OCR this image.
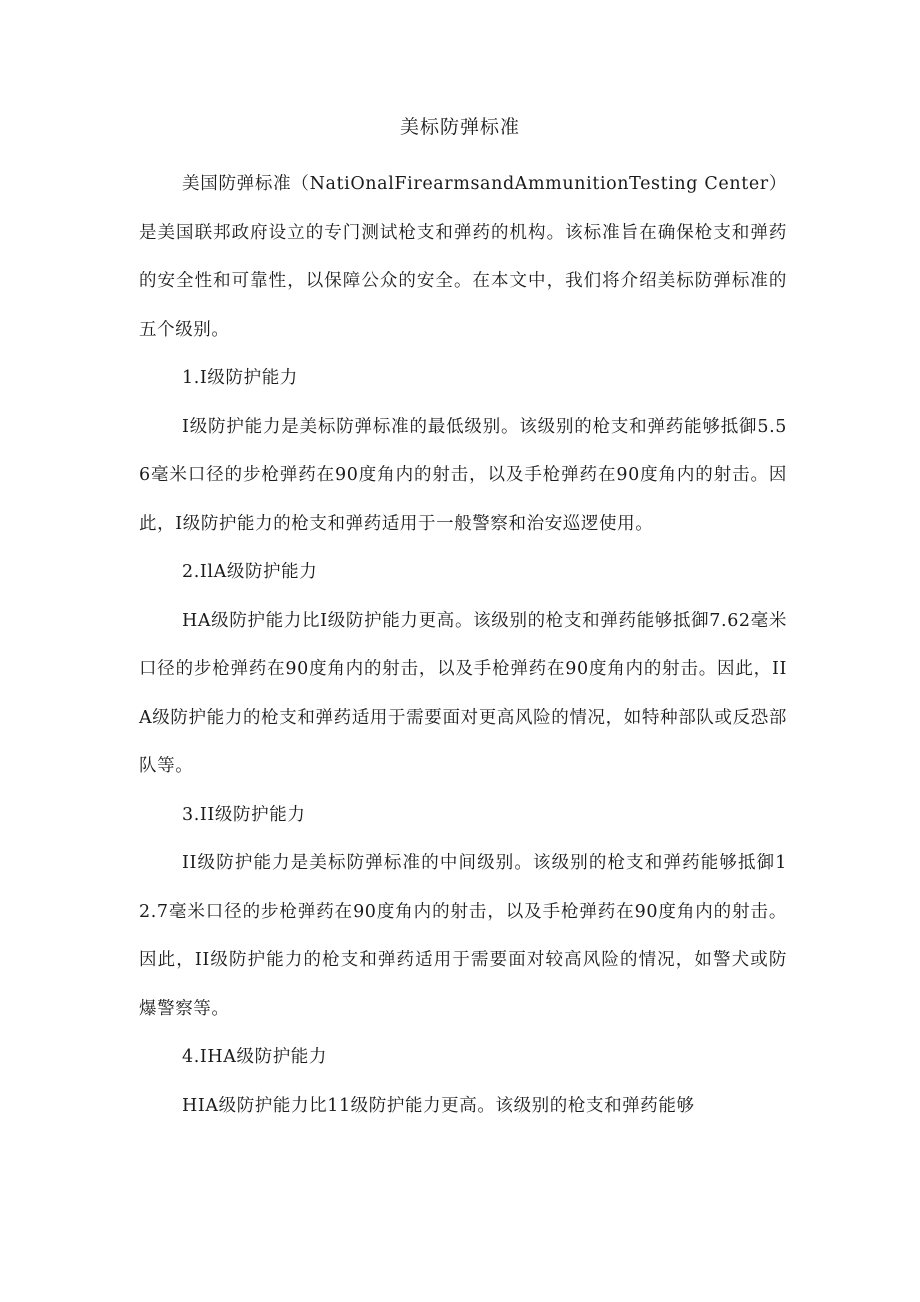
美标防弹标准

美国防弹标准（NatiOnalFirearmsandAmmunitionTesting Center）是美国联邦政府设立的专门测试枪支和弹药的机构。该标准旨在确保枪支和弹药的安全性和可靠性，以保障公众的安全。在本文中，我们将介绍美标防弹标准的五个级别。

1.I级防护能力

I级防护能力是美标防弹标准的最低级别。该级别的枪支和弹药能够抵御5.56毫米口径的步枪弹药在90度角内的射击，以及手枪弹药在90度角内的射击。因此，I级防护能力的枪支和弹药适用于一般警察和治安巡逻使用。

2.IlA级防护能力

HA级防护能力比I级防护能力更高。该级别的枪支和弹药能够抵御7.62毫米口径的步枪弹药在90度角内的射击，以及手枪弹药在90度角内的射击。因此，IIA级防护能力的枪支和弹药适用于需要面对更高风险的情况，如特种部队或反恐部队等。

3.II级防护能力

II级防护能力是美标防弹标准的中间级别。该级别的枪支和弹药能够抵御12.7毫米口径的步枪弹药在90度角内的射击，以及手枪弹药在90度角内的射击。因此，II级防护能力的枪支和弹药适用于需要面对较高风险的情况，如警犬或防爆警察等。

4.IHA级防护能力

HIA级防护能力比11级防护能力更高。该级别的枪支和弹药能够
